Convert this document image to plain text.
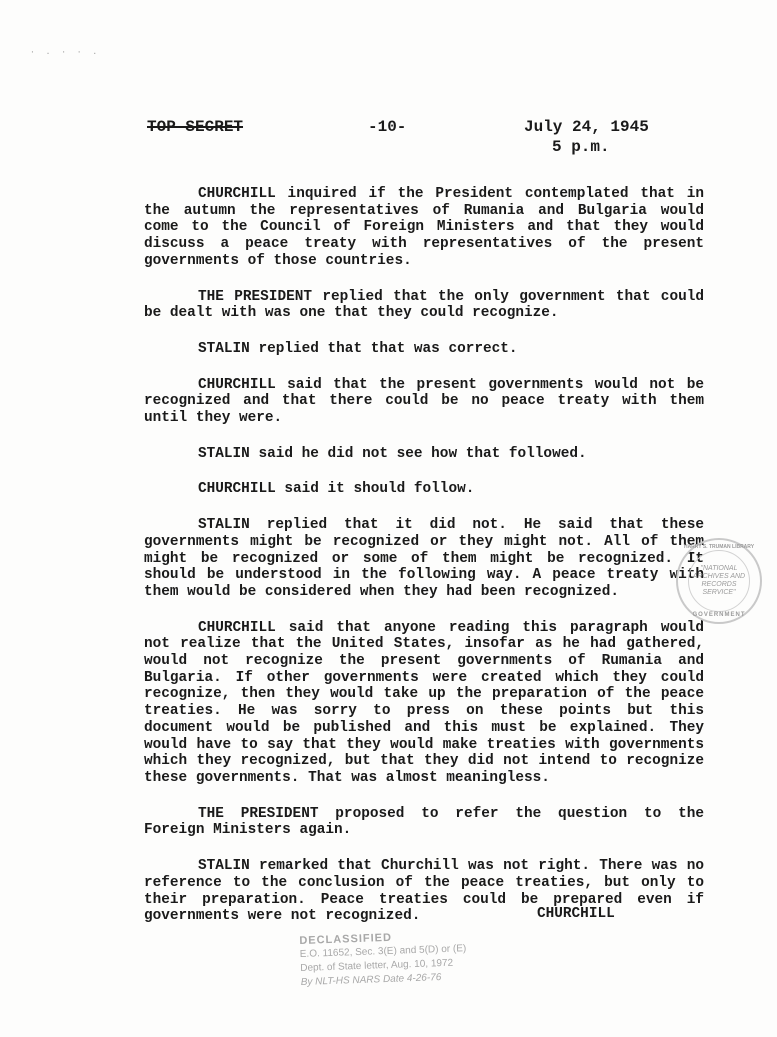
· . · · .
TOP SECRET	-10-	July 24, 1945
5 p.m.

CHURCHILL inquired if the President contemplated that in the autumn the representatives of Rumania and Bulgaria would come to the Council of Foreign Ministers and that they would discuss a peace treaty with representatives of the present governments of those countries.

THE PRESIDENT replied that the only government that could be dealt with was one that they could recognize.

STALIN replied that that was correct.

CHURCHILL said that the present governments would not be recognized and that there could be no peace treaty with them until they were.

STALIN said he did not see how that followed.

CHURCHILL said it should follow.

STALIN replied that it did not. He said that these governments might be recognized or they might not. All of them might be recognized or some of them might be recognized. It should be understood in the following way. A peace treaty with them would be considered when they had been recognized.

CHURCHILL said that anyone reading this paragraph would not realize that the United States, insofar as he had gathered, would not recognize the present governments of Rumania and Bulgaria. If other governments were created which they could recognize, then they would take up the preparation of the peace treaties. He was sorry to press on these points but this document would be published and this must be explained. They would have to say that they would make treaties with governments which they recognized, but that they did not intend to recognize these governments. That was almost meaningless.

THE PRESIDENT proposed to refer the question to the Foreign Ministers again.

STALIN remarked that Churchill was not right. There was no reference to the conclusion of the peace treaties, but only to their preparation. Peace treaties could be prepared even if governments were not recognized.	CHURCHILL
HARRY S. TRUMAN LIBRARY
"NATIONAL
ARCHIVES AND
RECORDS
SERVICE"
GOVERNMENT
DECLASSIFIED
E.O. 11652, Sec. 3(E) and 5(D) or (E)
Dept. of State letter, Aug. 10, 1972
By NLT-HS NARS Date 4-26-76
